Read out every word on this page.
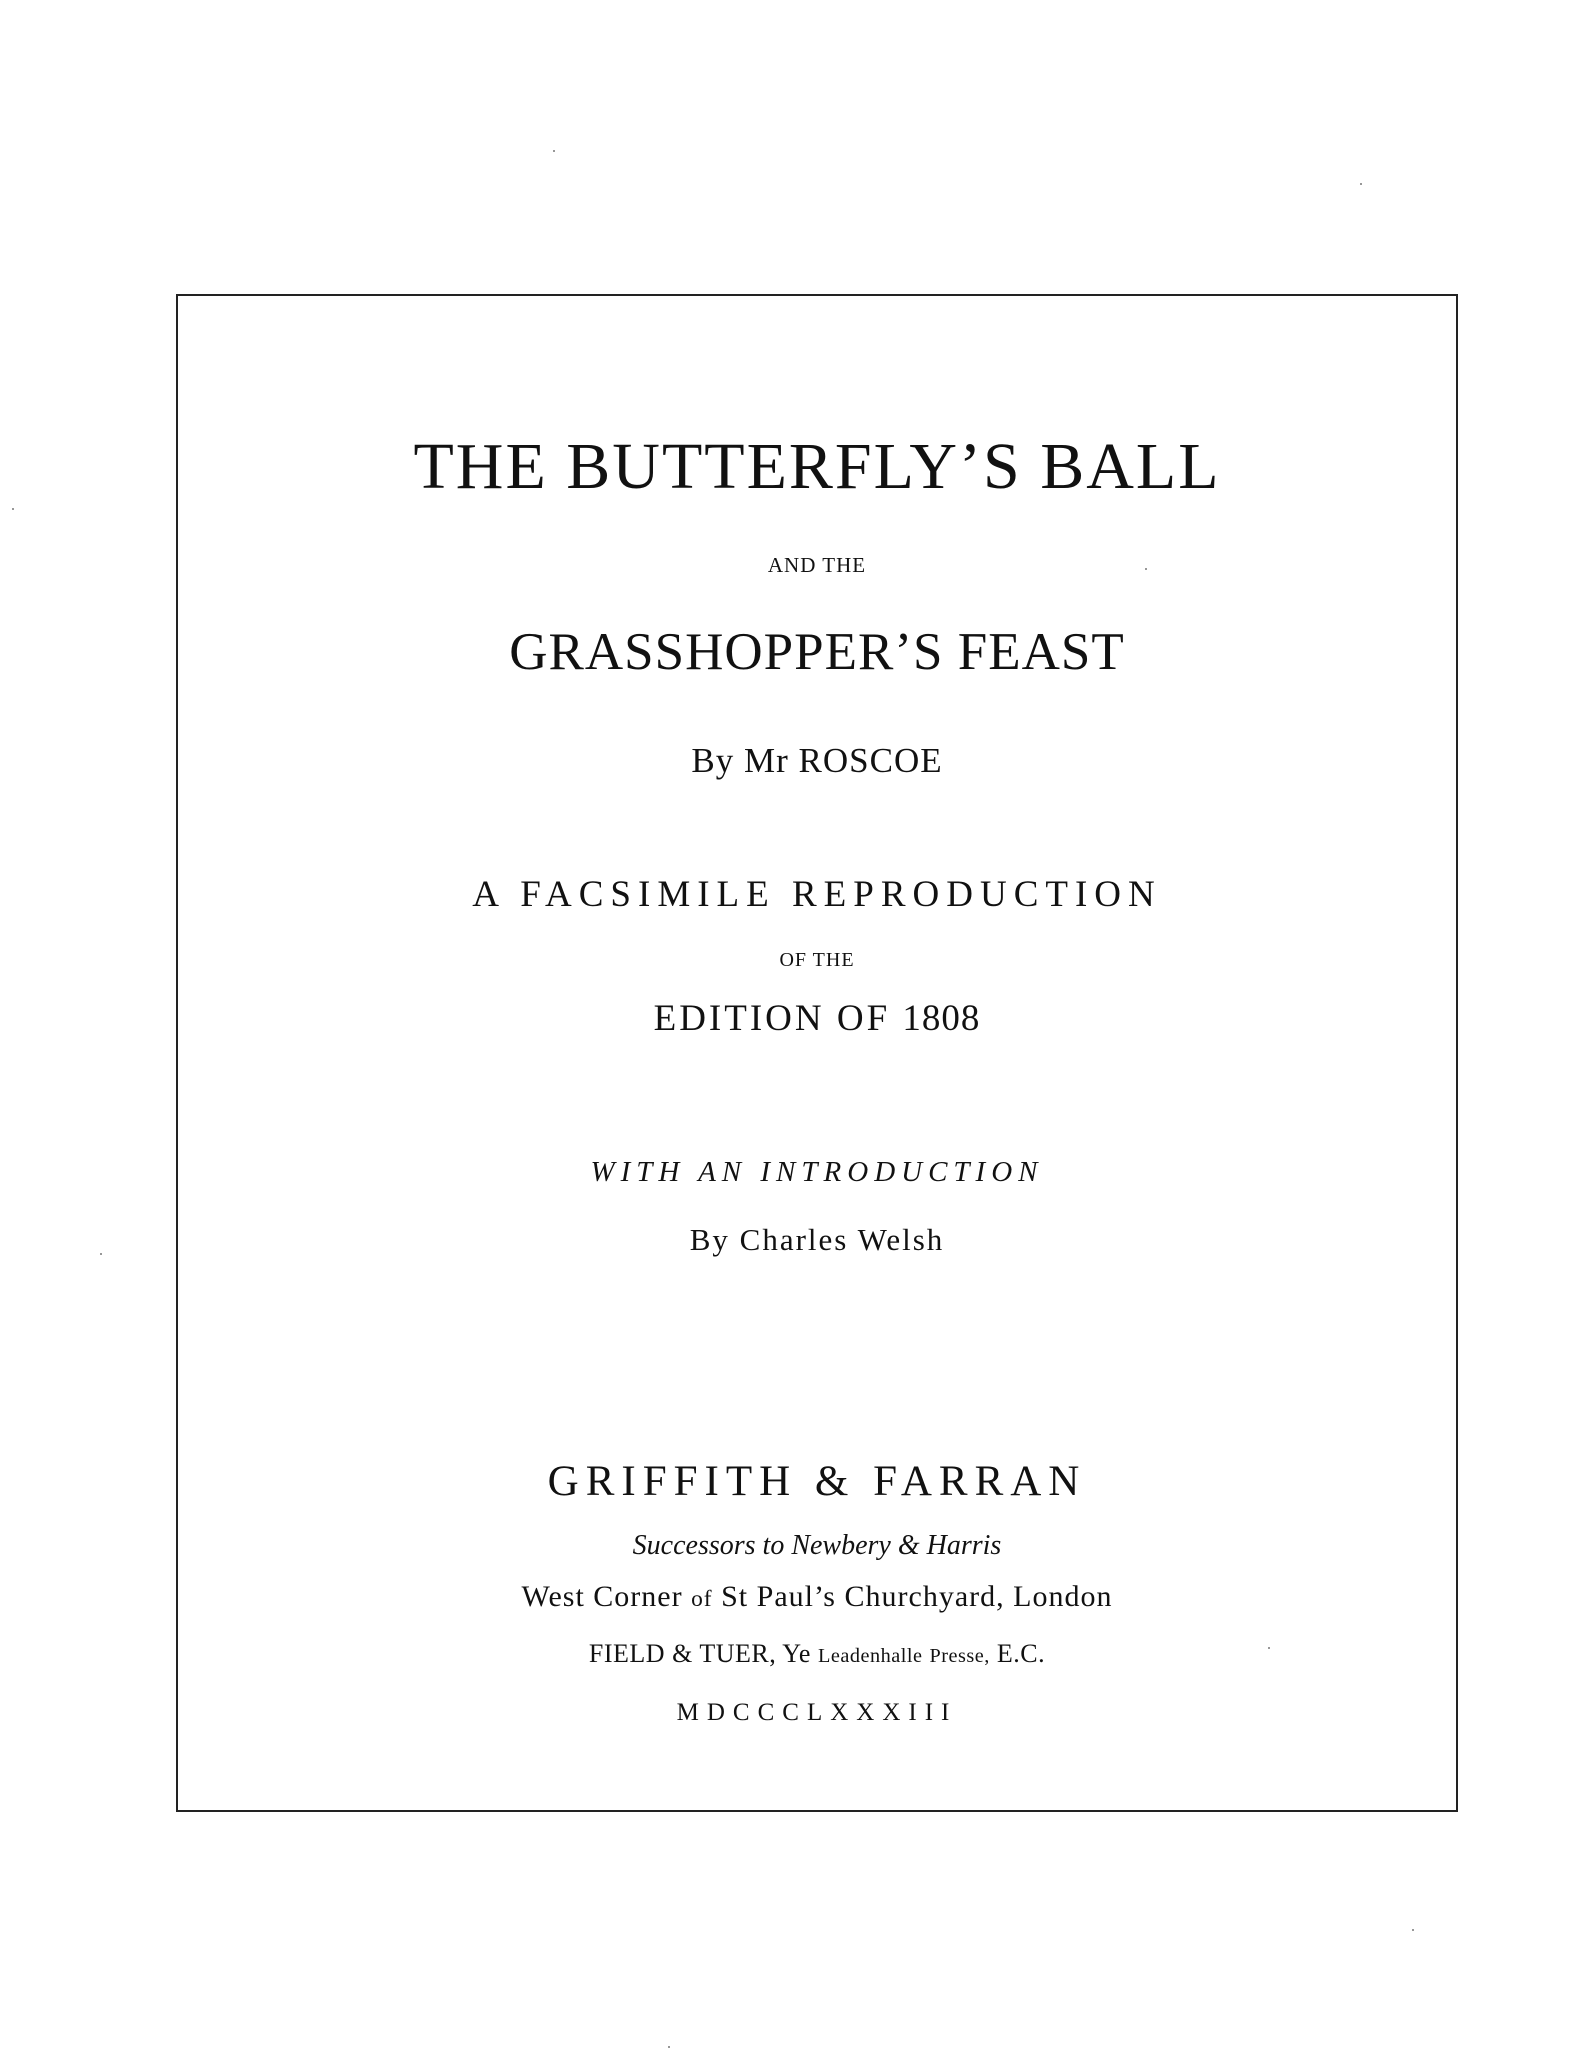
THE BUTTERFLY’S BALL
AND THE
GRASSHOPPER’S FEAST
By Mr ROSCOE
A FACSIMILE REPRODUCTION
OF THE
EDITION OF 1808
WITH AN INTRODUCTION
By Charles Welsh
GRIFFITH & FARRAN
Successors to Newbery & Harris
West Corner of St Paul’s Churchyard, London
FIELD & TUER, Ye Leadenhalle Presse, E.C.
MDCCCLXXXIII
